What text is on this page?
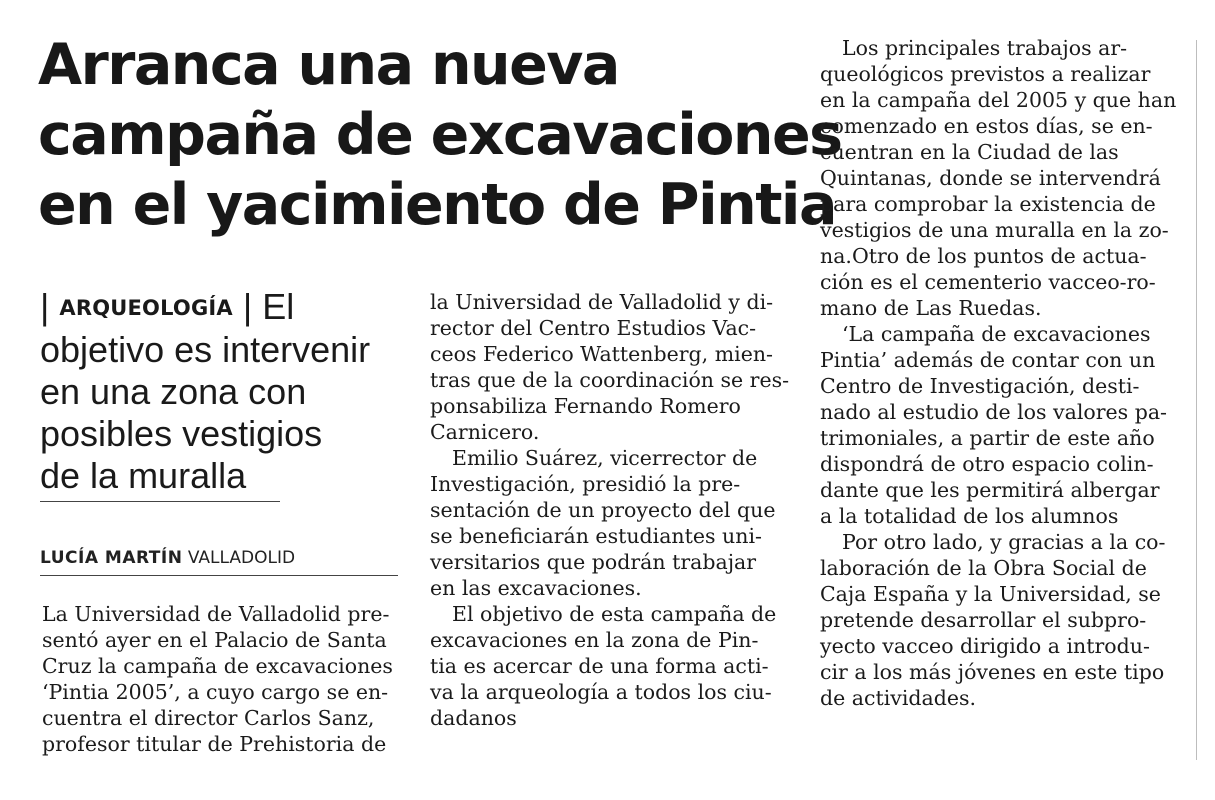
Arranca una nueva
campaña de excavaciones
en el yacimiento de Pintia
| ARQUEOLOGÍA | El
objetivo es intervenir
en una zona con
posibles vestigios
de la muralla
LUCÍA MARTÍN VALLADOLID
La Universidad de Valladolid pre-
sentó ayer en el Palacio de Santa
Cruz la campaña de excavaciones
‘Pintia 2005’, a cuyo cargo se en-
cuentra el director Carlos Sanz,
profesor titular de Prehistoria de
la Universidad de Valladolid y di-
rector del Centro Estudios Vac-
ceos Federico Wattenberg, mien-
tras que de la coordinación se res-
ponsabiliza Fernando Romero
Carnicero.
Emilio Suárez, vicerrector de
Investigación, presidió la pre-
sentación de un proyecto del que
se beneficiarán estudiantes uni-
versitarios que podrán trabajar
en las excavaciones.
El objetivo de esta campaña de
excavaciones en la zona de Pin-
tia es acercar de una forma acti-
va la arqueología a todos los ciu-
dadanos
Los principales trabajos ar-
queológicos previstos a realizar
en la campaña del 2005 y que han
comenzado en estos días, se en-
cuentran en la Ciudad de las
Quintanas, donde se intervendrá
para comprobar la existencia de
vestigios de una muralla en la zo-
na.Otro de los puntos de actua-
ción es el cementerio vacceo-ro-
mano de Las Ruedas.
‘La campaña de excavaciones
Pintia’ además de contar con un
Centro de Investigación, desti-
nado al estudio de los valores pa-
trimoniales, a partir de este año
dispondrá de otro espacio colin-
dante que les permitirá albergar
a la totalidad de los alumnos
Por otro lado, y gracias a la co-
laboración de la Obra Social de
Caja España y la Universidad, se
pretende desarrollar el subpro-
yecto vacceo dirigido a introdu-
cir a los más jóvenes en este tipo
de actividades.
